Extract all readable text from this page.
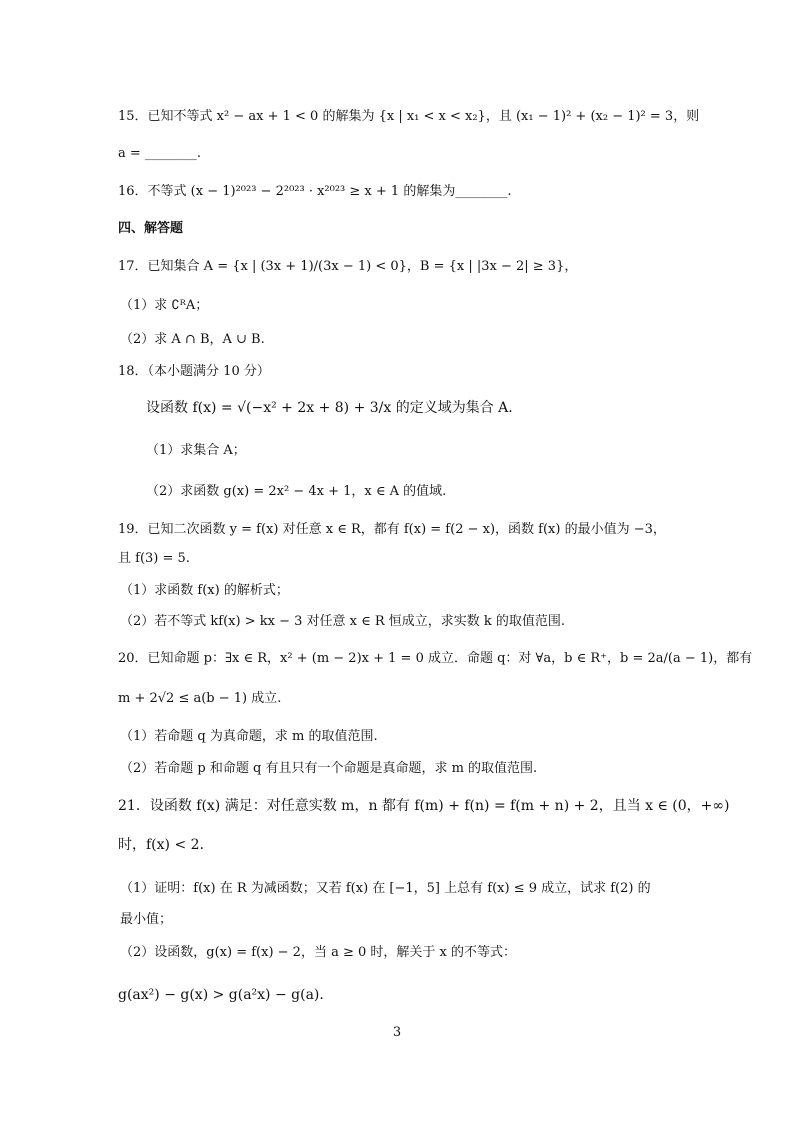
15．已知不等式 x² − ax + 1 < 0 的解集为 {x | x₁ < x < x₂}，且 (x₁ − 1)² + (x₂ − 1)² = 3，则
a = ________.
16．不等式 (x − 1)²⁰²³ − 2²⁰²³ · x²⁰²³ ≥ x + 1 的解集为________.
四、解答题
17．已知集合 A = {x | (3x + 1)/(3x − 1) < 0}，B = {x | |3x − 2| ≥ 3}，
（1）求 ∁ᴿA；
（2）求 A ∩ B，A ∪ B.
18．（本小题满分 10 分）
设函数 f(x) = √(−x² + 2x + 8) + 3/x 的定义域为集合 A.
（1）求集合 A；
（2）求函数 g(x) = 2x² − 4x + 1，x ∈ A 的值域.
19．已知二次函数 y = f(x) 对任意 x ∈ R，都有 f(x) = f(2 − x)，函数 f(x) 的最小值为 −3，
且 f(3) = 5.
（1）求函数 f(x) 的解析式；
（2）若不等式 kf(x) > kx − 3 对任意 x ∈ R 恒成立，求实数 k 的取值范围.
20．已知命题 p：∃x ∈ R，x² + (m − 2)x + 1 = 0 成立．命题 q：对 ∀a，b ∈ R⁺，b = 2a/(a − 1)，都有
m + 2√2 ≤ a(b − 1) 成立.
（1）若命题 q 为真命题，求 m 的取值范围.
（2）若命题 p 和命题 q 有且只有一个命题是真命题，求 m 的取值范围.
21．设函数 f(x) 满足：对任意实数 m，n 都有 f(m) + f(n) = f(m + n) + 2，且当 x ∈ (0，+∞)
时，f(x) < 2.
（1）证明：f(x) 在 R 为减函数；又若 f(x) 在 [−1，5] 上总有 f(x) ≤ 9 成立，试求 f(2) 的
最小值；
（2）设函数，g(x) = f(x) − 2，当 a ≥ 0 时，解关于 x 的不等式：
g(ax²) − g(x) > g(a²x) − g(a).
3
